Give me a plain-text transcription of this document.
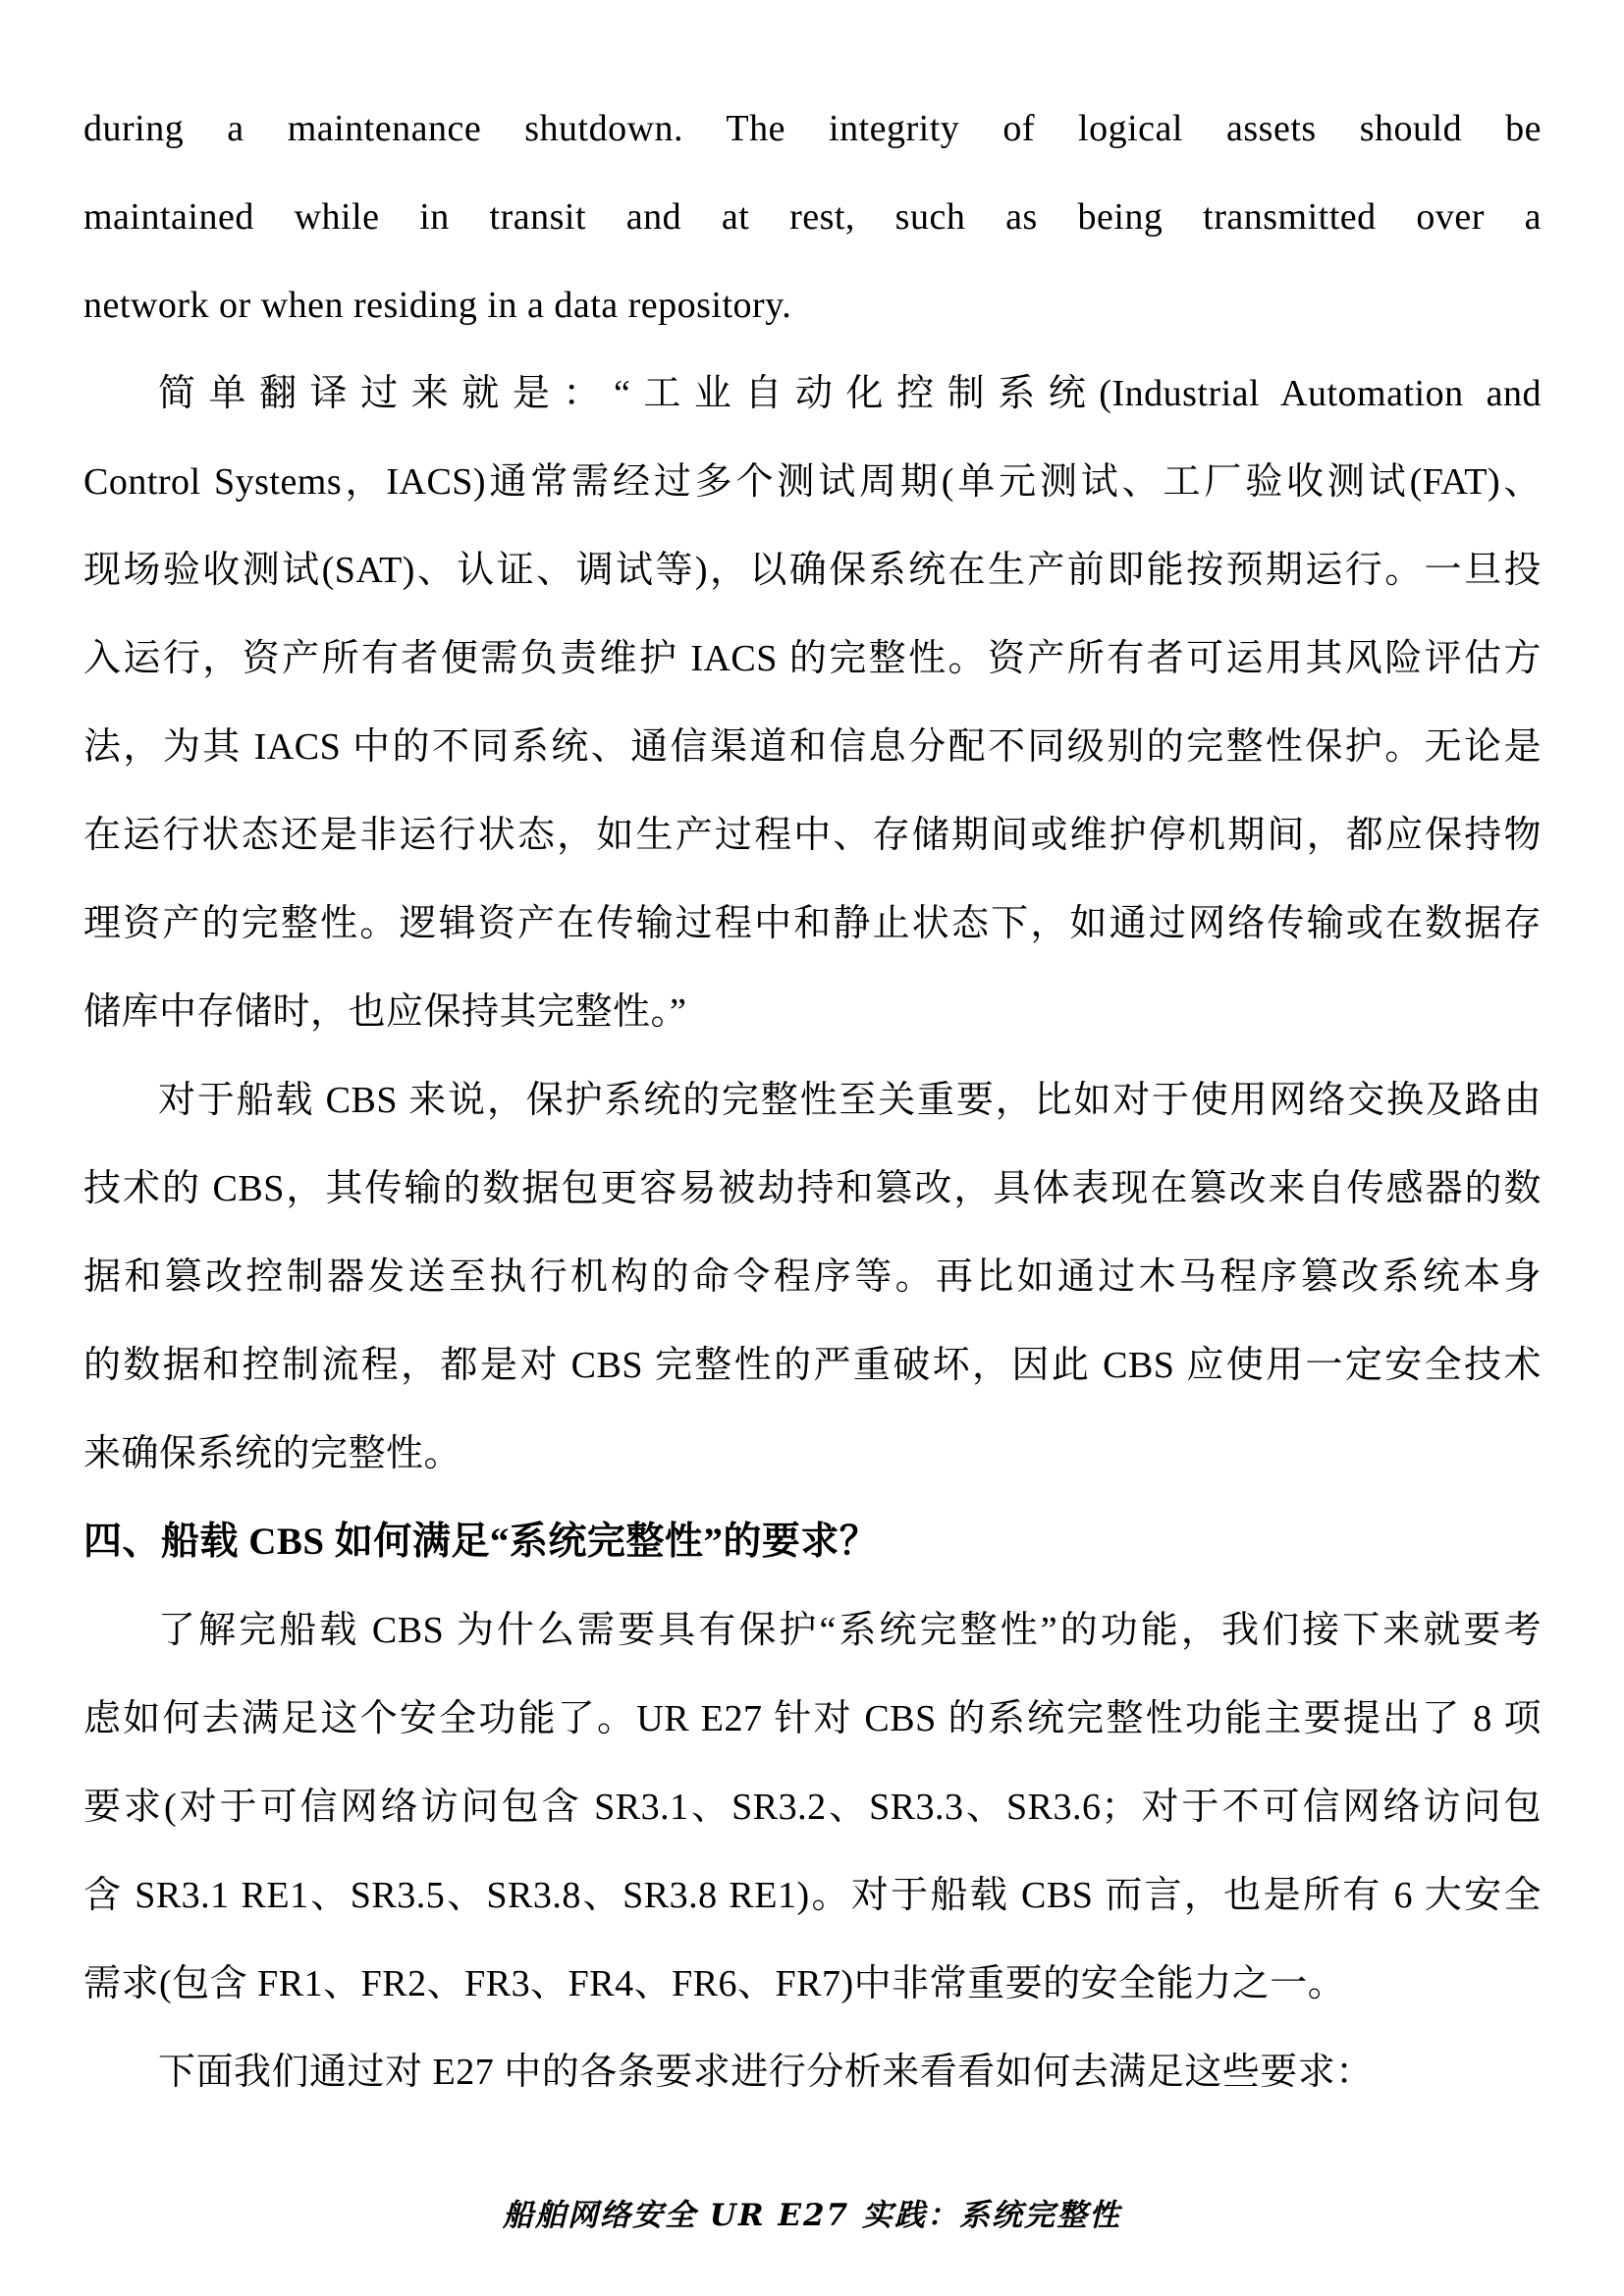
during a maintenance shutdown. The integrity of logical assets should be
maintained while in transit and at rest, such as being transmitted over a
network or when residing in a data repository.
简单翻译过来就是：“工业自动化控制系统(Industrial Automation and
Control Systems，IACS)通常需经过多个测试周期(单元测试、工厂验收测试(FAT)、
现场验收测试(SAT)、认证、调试等)，以确保系统在生产前即能按预期运行。一旦投
入运行，资产所有者便需负责维护 IACS 的完整性。资产所有者可运用其风险评估方
法，为其 IACS 中的不同系统、通信渠道和信息分配不同级别的完整性保护。无论是
在运行状态还是非运行状态，如生产过程中、存储期间或维护停机期间，都应保持物
理资产的完整性。逻辑资产在传输过程中和静止状态下，如通过网络传输或在数据存
储库中存储时，也应保持其完整性。”
对于船载 CBS 来说，保护系统的完整性至关重要，比如对于使用网络交换及路由
技术的 CBS，其传输的数据包更容易被劫持和篡改，具体表现在篡改来自传感器的数
据和篡改控制器发送至执行机构的命令程序等。再比如通过木马程序篡改系统本身
的数据和控制流程，都是对 CBS 完整性的严重破坏，因此 CBS 应使用一定安全技术
来确保系统的完整性。
四、船载 CBS 如何满足“系统完整性”的要求？
了解完船载 CBS 为什么需要具有保护“系统完整性”的功能，我们接下来就要考
虑如何去满足这个安全功能了。UR E27 针对 CBS 的系统完整性功能主要提出了 8 项
要求(对于可信网络访问包含 SR3.1、SR3.2、SR3.3、SR3.6；对于不可信网络访问包
含 SR3.1 RE1、SR3.5、SR3.8、SR3.8 RE1)。对于船载 CBS 而言，也是所有 6 大安全
需求(包含 FR1、FR2、FR3、FR4、FR6、FR7)中非常重要的安全能力之一。
下面我们通过对 E27 中的各条要求进行分析来看看如何去满足这些要求：
船舶网络安全 UR E27 实践：系统完整性
